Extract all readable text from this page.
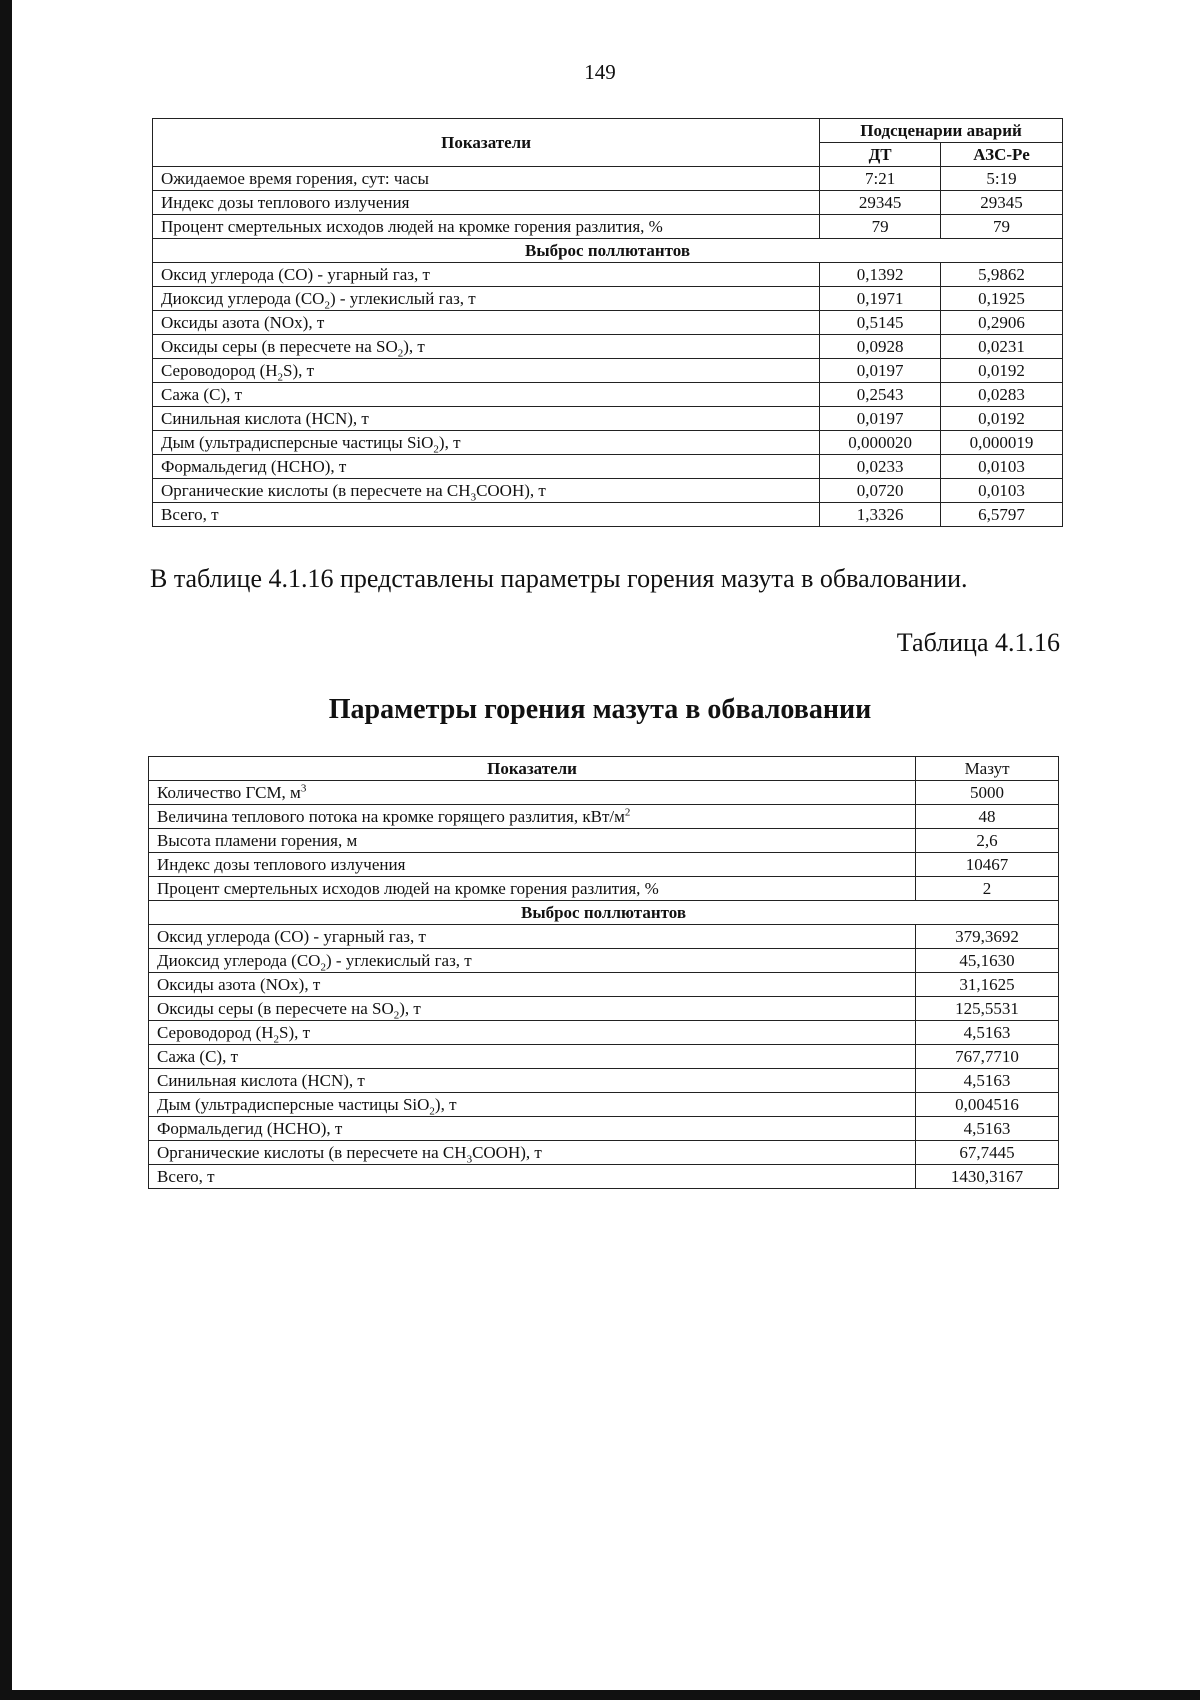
149
Показатели	Подсценарии аварий	
	ДТ	АЗС-Ре
Ожидаемое время горения, сут: часы	7:21	5:19
Индекс дозы теплового излучения	29345	29345
Процент смертельных исходов людей на кромке горения разлития, %	79	79
Выброс поллютантов		
Оксид углерода (CO) - угарный газ, т	0,1392	5,9862
Диоксид углерода $(CO_2)$ - углекислый газ, т	0,1971	0,1925
Оксиды азота (NOx), т	0,5145	0,2906
Оксиды серы (в пересчете на $SO_2$), т	0,0928	0,0231
Сероводород $(H_2S)$, т	0,0197	0,0192
Сажа (С), т	0,2543	0,0283
Синильная кислота (HCN), т	0,0197	0,0192
Дым (ультрадисперсные частицы SiO$_2$), т	0,000020	0,000019
Формальдегид (HCHO), т	0,0233	0,0103
Органические кислоты (в пересчете на $CH_3COOH$), т	0,0720	0,0103
Всего, т	1,3326	6,5797
В таблице 4.1.16 представлены параметры горения мазута в обваловании.
Таблица 4.1.16
Параметры горения мазута в обваловании
Показатели	Мазут
Количество ГСМ, $м^3$	5000
Величина теплового потока на кромке горящего разлития, кВт/$м^2$	48
Высота пламени горения, м	2,6
Индекс дозы теплового излучения	10467
Процент смертельных исходов людей на кромке горения разлития, %	2
Выброс поллютантов	
Оксид углерода (CO) - угарный газ, т	379,3692
Диоксид углерода $(CO_2)$ - углекислый газ, т	45,1630
Оксиды азота (NOx), т	31,1625
Оксиды серы (в пересчете на $SO_2$), т	125,5531
Сероводород $(H_2S)$, т	4,5163
Сажа (С), т	767,7710
Синильная кислота (HCN), т	4,5163
Дым (ультрадисперсные частицы SiO$_2$), т	0,004516
Формальдегид (HCHO), т	4,5163
Органические кислоты (в пересчете на $CH_3COOH$), т	67,7445
Всего, т	1430,3167
